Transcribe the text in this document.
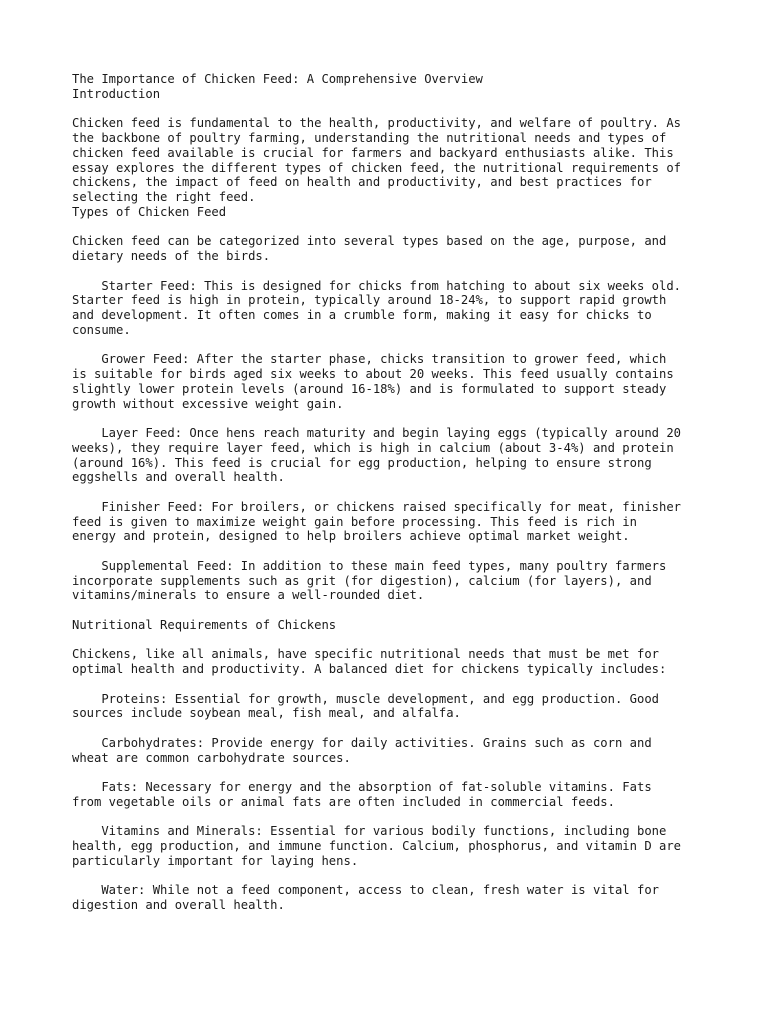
The Importance of Chicken Feed: A Comprehensive Overview
Introduction
Chicken feed is fundamental to the health, productivity, and welfare of poultry. As
the backbone of poultry farming, understanding the nutritional needs and types of
chicken feed available is crucial for farmers and backyard enthusiasts alike. This
essay explores the different types of chicken feed, the nutritional requirements of
chickens, the impact of feed on health and productivity, and best practices for
selecting the right feed.
Types of Chicken Feed
Chicken feed can be categorized into several types based on the age, purpose, and
dietary needs of the birds.
Starter Feed: This is designed for chicks from hatching to about six weeks old.
Starter feed is high in protein, typically around 18-24%, to support rapid growth
and development. It often comes in a crumble form, making it easy for chicks to
consume.
Grower Feed: After the starter phase, chicks transition to grower feed, which
is suitable for birds aged six weeks to about 20 weeks. This feed usually contains
slightly lower protein levels (around 16-18%) and is formulated to support steady
growth without excessive weight gain.
Layer Feed: Once hens reach maturity and begin laying eggs (typically around 20
weeks), they require layer feed, which is high in calcium (about 3-4%) and protein
(around 16%). This feed is crucial for egg production, helping to ensure strong
eggshells and overall health.
Finisher Feed: For broilers, or chickens raised specifically for meat, finisher
feed is given to maximize weight gain before processing. This feed is rich in
energy and protein, designed to help broilers achieve optimal market weight.
Supplemental Feed: In addition to these main feed types, many poultry farmers
incorporate supplements such as grit (for digestion), calcium (for layers), and
vitamins/minerals to ensure a well-rounded diet.
Nutritional Requirements of Chickens
Chickens, like all animals, have specific nutritional needs that must be met for
optimal health and productivity. A balanced diet for chickens typically includes:
Proteins: Essential for growth, muscle development, and egg production. Good
sources include soybean meal, fish meal, and alfalfa.
Carbohydrates: Provide energy for daily activities. Grains such as corn and
wheat are common carbohydrate sources.
Fats: Necessary for energy and the absorption of fat-soluble vitamins. Fats
from vegetable oils or animal fats are often included in commercial feeds.
Vitamins and Minerals: Essential for various bodily functions, including bone
health, egg production, and immune function. Calcium, phosphorus, and vitamin D are
particularly important for laying hens.
Water: While not a feed component, access to clean, fresh water is vital for
digestion and overall health.
